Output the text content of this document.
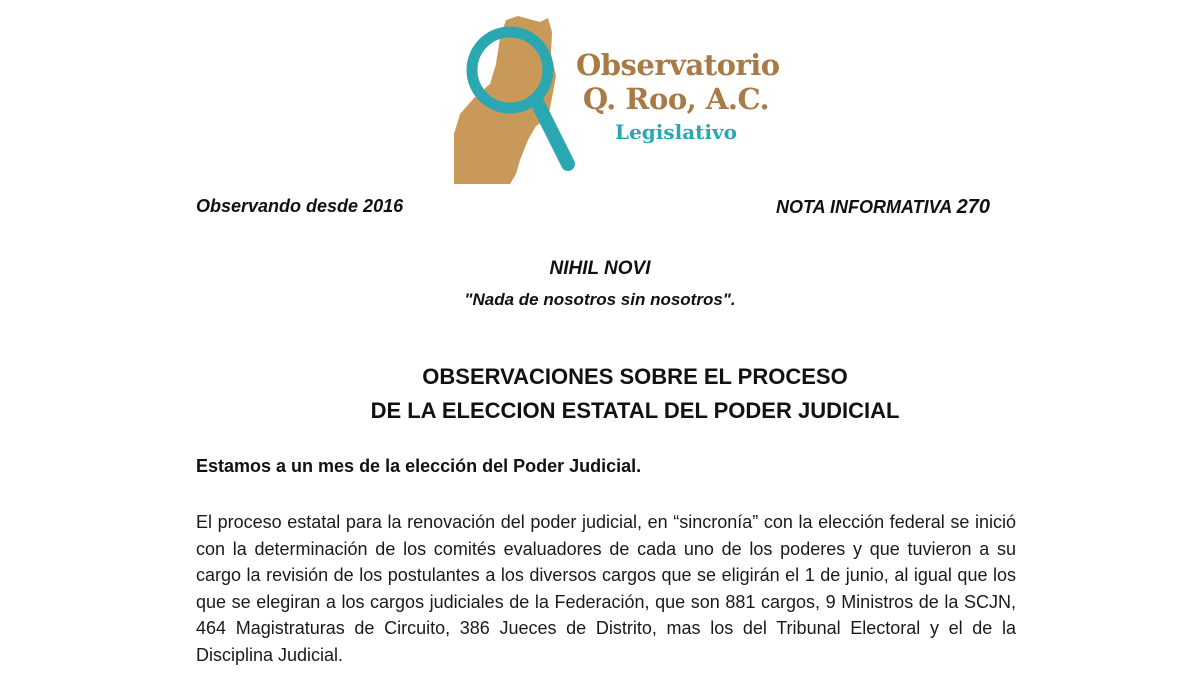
Observatorio
Q. Roo, A.C.
Legislativo
Observando desde 2016	NOTA INFORMATIVA 270
NIHIL NOVI
"Nada de nosotros sin nosotros".
OBSERVACIONES SOBRE EL PROCESO
DE LA ELECCION ESTATAL DEL PODER JUDICIAL
Estamos a un mes de la elección del Poder Judicial.
El proceso estatal para la renovación del poder judicial, en “sincronía” con la elección federal se inició con la determinación de los comités evaluadores de cada uno de los poderes y que tuvieron a su cargo la revisión de los postulantes a los diversos cargos que se eligirán el 1 de junio, al igual que los que se elegiran a los cargos judiciales de la Federación, que son 881 cargos, 9 Ministros de la SCJN, 464 Magistraturas de Circuito, 386 Jueces de Distrito, mas los del Tribunal Electoral y el de la Disciplina Judicial.
